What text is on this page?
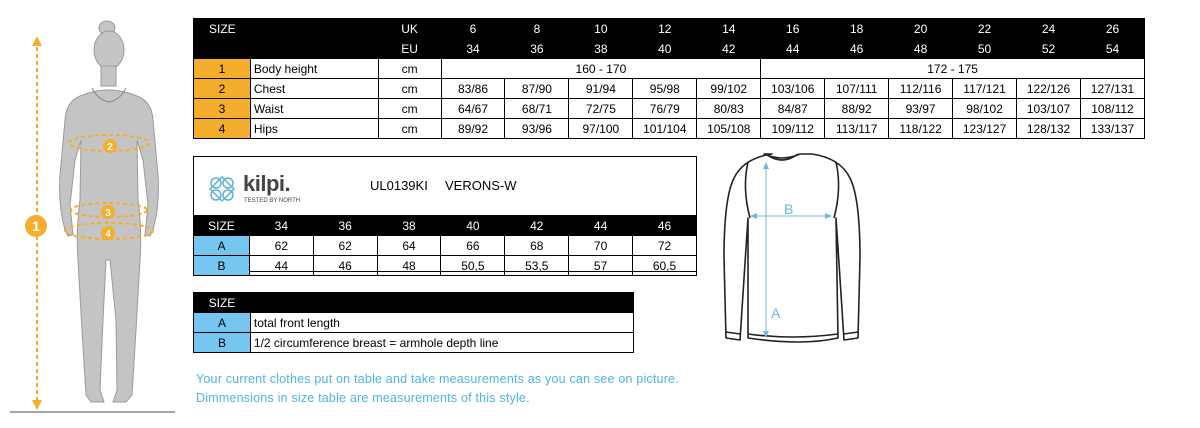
1
2
3
4
SIZE		UK	6	8	10	12	14	16	18	20	22	24	26
		EU	34	36	38	40	42	44	46	48	50	52	54
1	Body height	cm	160 - 170					172 - 175					
2	Chest	cm	83/86	87/90	91/94	95/98	99/102	103/106	107/111	112/116	117/121	122/126	127/131
3	Waist	cm	64/67	68/71	72/75	76/79	80/83	84/87	88/92	93/97	98/102	103/107	108/112
4	Hips	cm	89/92	93/96	97/100	101/104	105/108	109/112	113/117	118/122	123/127	128/132	133/137
kilpi.
TESTED BY NORTH
UL0139KI VERONS-W
SIZE	34	36	38	40	42	44	46
A	62	62	64	66	68	70	72
B	44	46	48	50,5	53,5	57	60,5
SIZE	
A	total front length
B	1/2 circumference breast = armhole depth line
B
A
Your current clothes put on table and take measurements as you can see on picture.
Dimmensions in size table are measurements of this style.
